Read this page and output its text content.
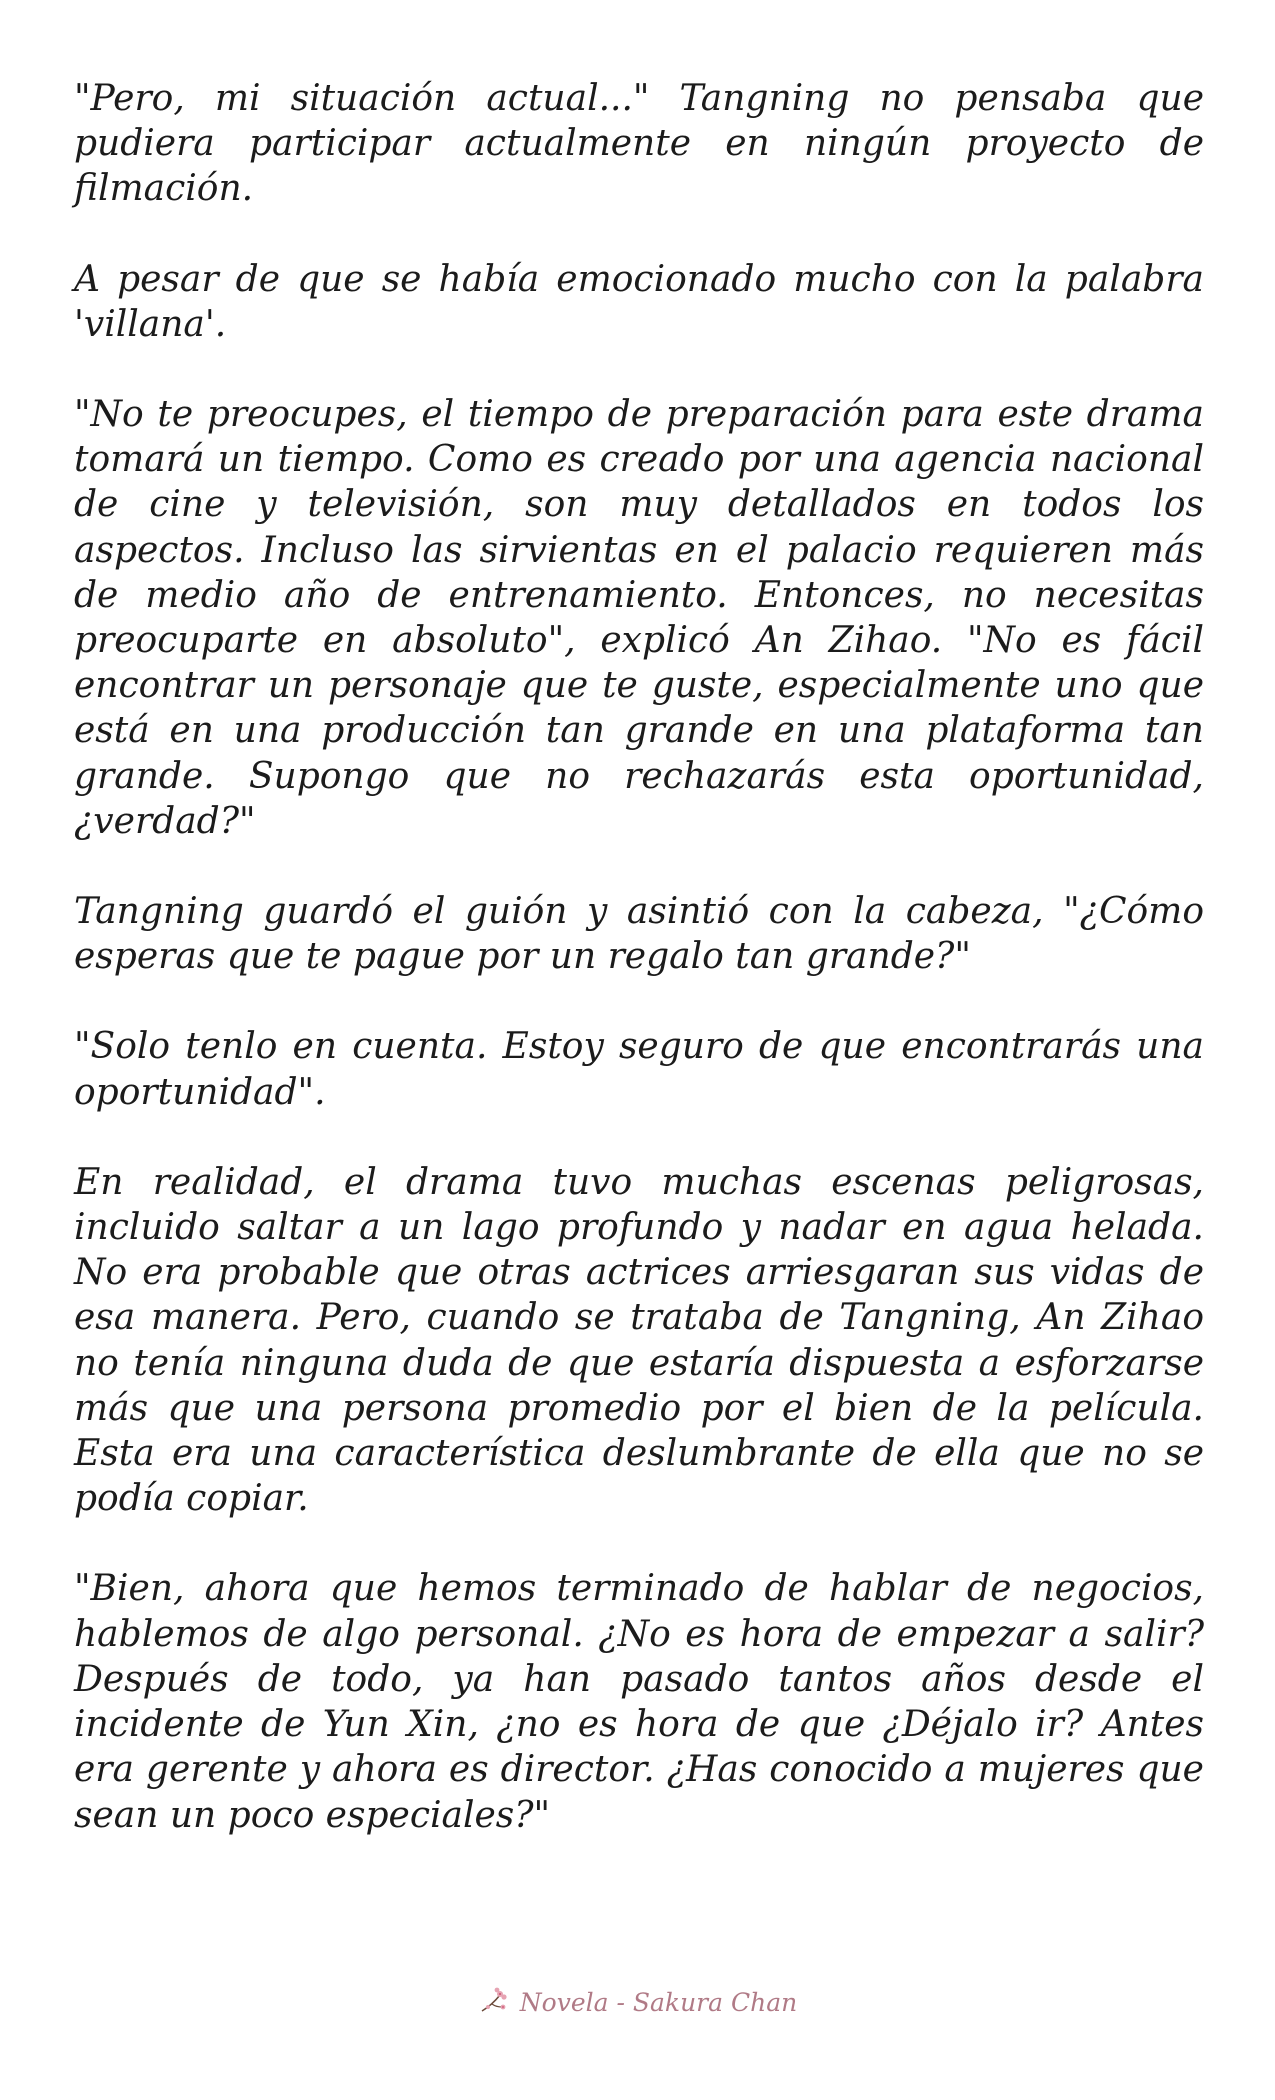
"Pero, mi situación actual..." Tangning no pensaba que pudiera participar actualmente en ningún proyecto de filmación.

A pesar de que se había emocionado mucho con la palabra 'villana'.

"No te preocupes, el tiempo de preparación para este drama tomará un tiempo. Como es creado por una agencia nacional de cine y televisión, son muy detallados en todos los aspectos. Incluso las sirvientas en el palacio requieren más de medio año de entrenamiento. Entonces, no necesitas preocuparte en absoluto", explicó An Zihao. "No es fácil encontrar un personaje que te guste, especialmente uno que está en una producción tan grande en una plataforma tan grande. Supongo que no rechazarás esta oportunidad, ¿verdad?"

Tangning guardó el guión y asintió con la cabeza, "¿Cómo esperas que te pague por un regalo tan grande?"

"Solo tenlo en cuenta. Estoy seguro de que encontrarás una oportunidad".

En realidad, el drama tuvo muchas escenas peligrosas, incluido saltar a un lago profundo y nadar en agua helada. No era probable que otras actrices arriesgaran sus vidas de esa manera. Pero, cuando se trataba de Tangning, An Zihao no tenía ninguna duda de que estaría dispuesta a esforzarse más que una persona promedio por el bien de la película. Esta era una característica deslumbrante de ella que no se podía copiar.

"Bien, ahora que hemos terminado de hablar de negocios, hablemos de algo personal. ¿No es hora de empezar a salir? Después de todo, ya han pasado tantos años desde el incidente de Yun Xin, ¿no es hora de que ¿Déjalo ir? Antes era gerente y ahora es director. ¿Has conocido a mujeres que sean un poco especiales?"

Novela - Sakura Chan
